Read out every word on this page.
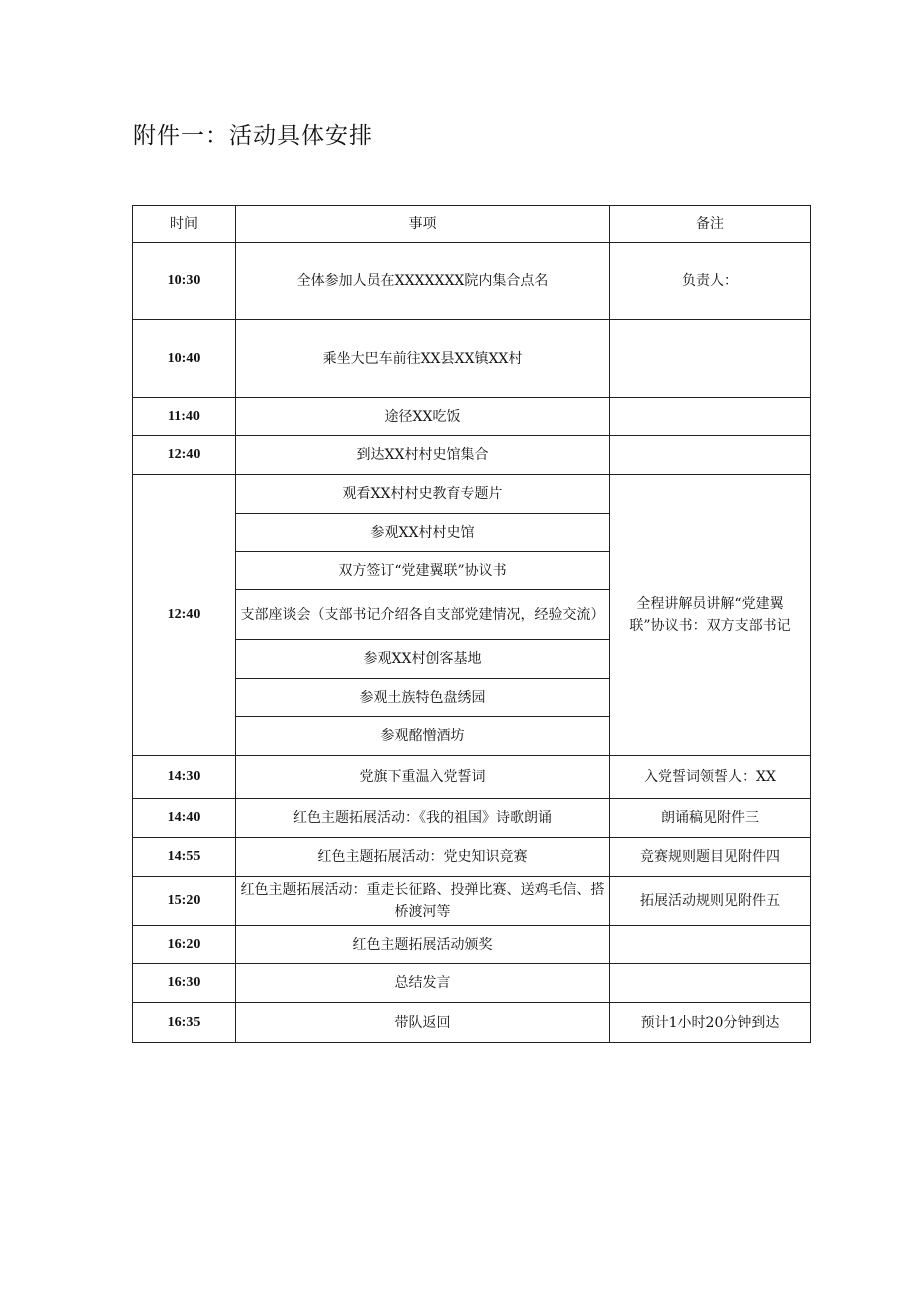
附件一：活动具体安排
时间	事项	备注
10:30	全体参加人员在XXXXXXX院内集合点名	负责人：
10:40	乘坐大巴车前往XX县XX镇XX村	
11:40	途径XX吃饭	
12:40	到达XX村村史馆集合	
12:40	观看XX村村史教育专题片	全程讲解员讲解“党建翼联”协议书：双方支部书记
	参观XX村村史馆	
	双方签订“党建翼联”协议书	
	支部座谈会（支部书记介绍各自支部党建情况，经验交流）	
	参观XX村创客基地	
	参观土族特色盘绣园	
	参观酩憎酒坊	
14:30	党旗下重温入党誓词	入党誓词领誓人：XX
14:40	红色主题拓展活动：《我的祖国》诗歌朗诵	朗诵稿见附件三
14:55	红色主题拓展活动：党史知识竞赛	竞赛规则题目见附件四
15:20	红色主题拓展活动：重走长征路、投弹比赛、送鸡毛信、搭桥渡河等	拓展活动规则见附件五
16:20	红色主题拓展活动颁奖	
16:30	总结发言	
16:35	带队返回	预计1小时20分钟到达
